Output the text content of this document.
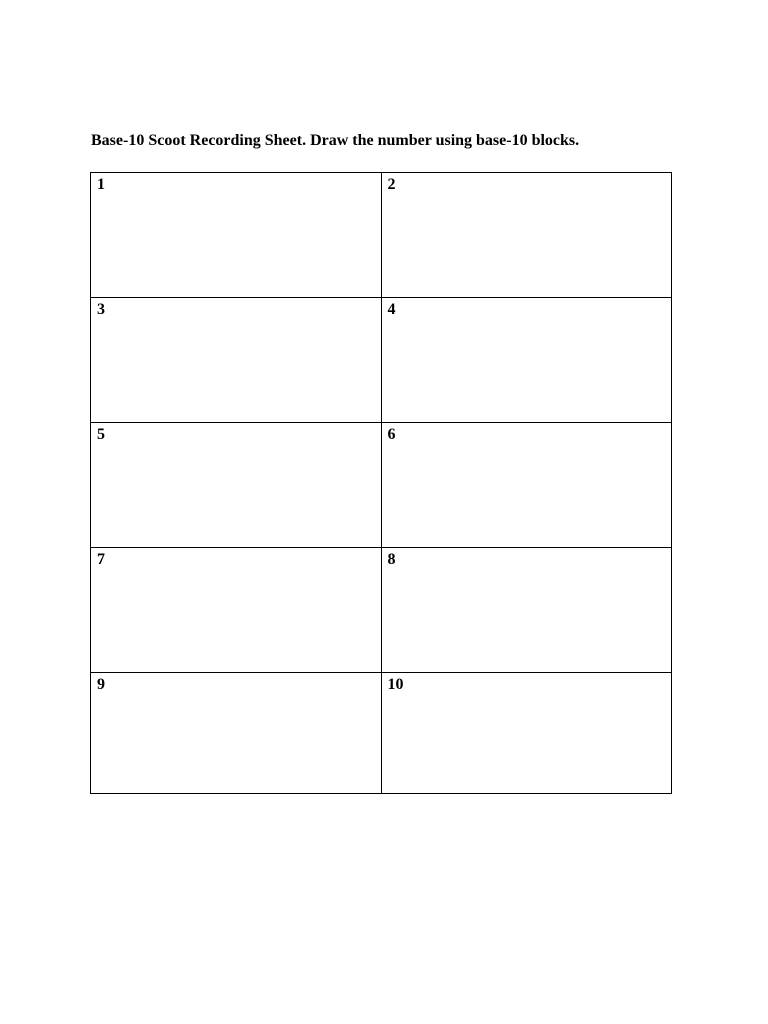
Base-10 Scoot Recording Sheet. Draw the number using base-10 blocks.
1	2

3	4

5	6

7	8

9	10
